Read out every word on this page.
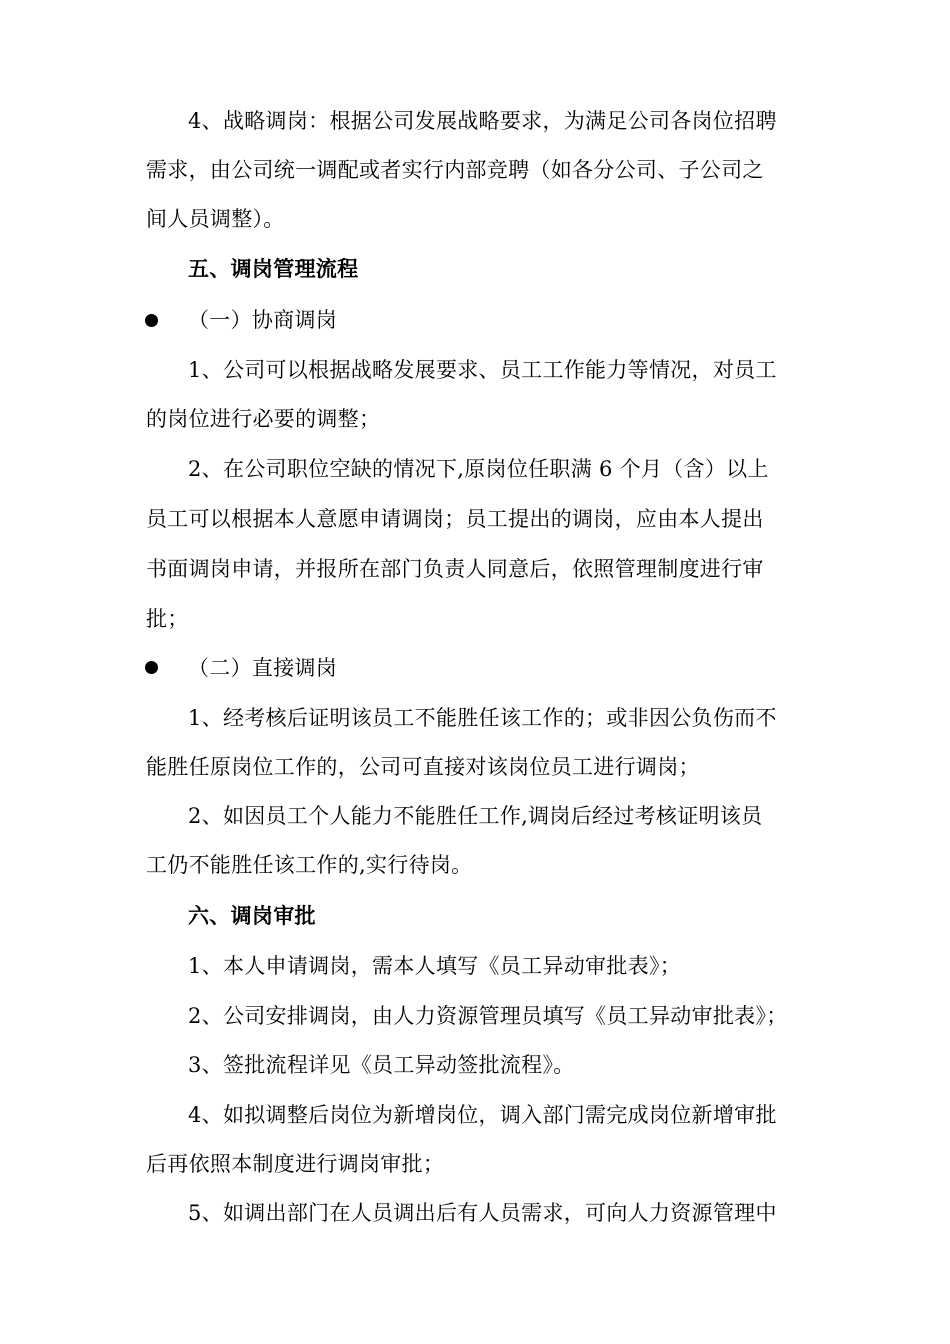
4、战略调岗：根据公司发展战略要求，为满足公司各岗位招聘
需求，由公司统一调配或者实行内部竞聘（如各分公司、子公司之
间人员调整）。
五、调岗管理流程
（一）协商调岗
1、公司可以根据战略发展要求、员工工作能力等情况，对员工
的岗位进行必要的调整；
2、在公司职位空缺的情况下,原岗位任职满 6 个月（含）以上
员工可以根据本人意愿申请调岗；员工提出的调岗，应由本人提出
书面调岗申请，并报所在部门负责人同意后，依照管理制度进行审
批；
（二）直接调岗
1、经考核后证明该员工不能胜任该工作的；或非因公负伤而不
能胜任原岗位工作的，公司可直接对该岗位员工进行调岗；
2、如因员工个人能力不能胜任工作,调岗后经过考核证明该员
工仍不能胜任该工作的,实行待岗。
六、调岗审批
1、本人申请调岗，需本人填写《员工异动审批表》；
2、公司安排调岗，由人力资源管理员填写《员工异动审批表》；
3、签批流程详见《员工异动签批流程》。
4、如拟调整后岗位为新增岗位，调入部门需完成岗位新增审批
后再依照本制度进行调岗审批；
5、如调出部门在人员调出后有人员需求，可向人力资源管理中
